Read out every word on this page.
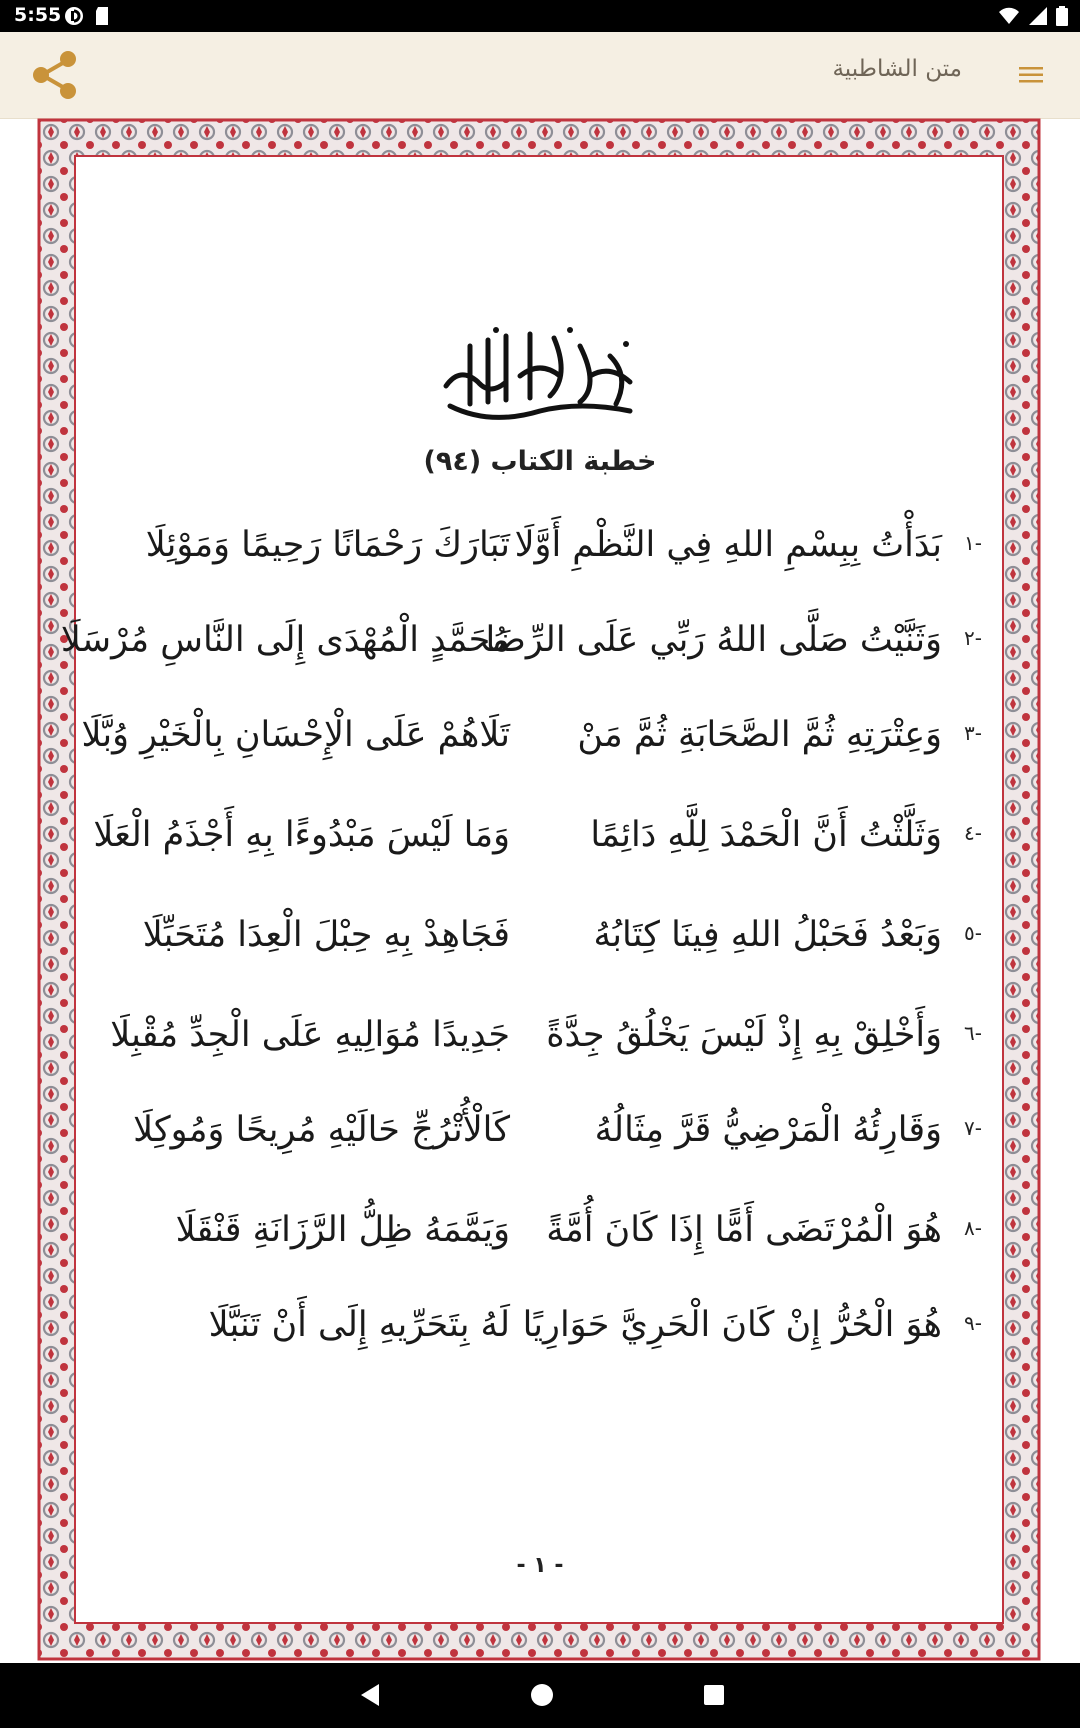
5:55
متن الشاطبية
خطبة الكتاب (٩٤)
-١
بَدَأْتُ بِبِسْمِ اللهِ فِي النَّظْمِ أَوَّلَا
تَبَارَكَ رَحْمَانًا رَحِيمًا وَمَوْئِلَا
-٢
وَثَنَّيْتُ صَلَّى اللهُ رَبِّي عَلَى الرِّضَا
مُحَمَّدٍ الْمُهْدَى إِلَى النَّاسِ مُرْسَلَا
-٣
وَعِتْرَتِهِ ثُمَّ الصَّحَابَةِ ثُمَّ مَنْ
تَلَاهُمْ عَلَى الْإِحْسَانِ بِالْخَيْرِ وُبَّلَا
-٤
وَثَلَّثْتُ أَنَّ الْحَمْدَ لِلَّهِ دَائِمًا
وَمَا لَيْسَ مَبْدُوءًا بِهِ أَجْذَمُ الْعَلَا
-٥
وَبَعْدُ فَحَبْلُ اللهِ فِينَا كِتَابُهُ
فَجَاهِدْ بِهِ حِبْلَ الْعِدَا مُتَحَبِّلَا
-٦
وَأَخْلِقْ بِهِ إِذْ لَيْسَ يَخْلُقُ جِدَّةً
جَدِيدًا مُوَالِيهِ عَلَى الْجِدِّ مُقْبِلَا
-٧
وَقَارِئُهُ الْمَرْضِيُّ قَرَّ مِثَالُهُ
كَالْأُتْرُجِّ حَالَيْهِ مُرِيحًا وَمُوكِلَا
-٨
هُوَ الْمُرْتَضَى أَمًّا إِذَا كَانَ أُمَّةً
وَيَمَّمَهُ ظِلُّ الرَّزَانَةِ قَنْقَلَا
-٩
هُوَ الْحُرُّ إِنْ كَانَ الْحَرِيَّ حَوَارِيًا
لَهُ بِتَحَرِّيهِ إِلَى أَنْ تَنَبَّلَا
- ١ -
